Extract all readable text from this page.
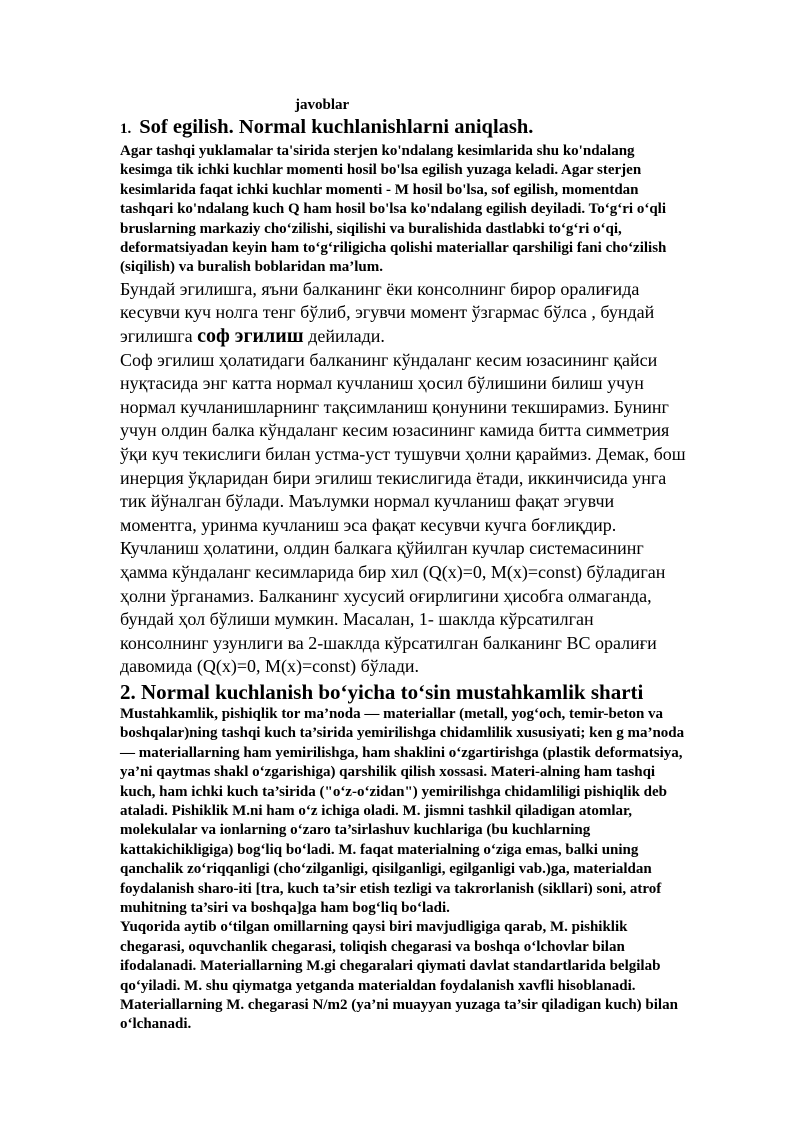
javoblar
1. Sof egilish. Normal kuchlanishlarni aniqlash.

Agar tashqi yuklamalar ta'sirida sterjen ko'ndalang kesimlarida shu ko'ndalang kesimga tik ichki kuchlar momenti hosil bo'lsa egilish yuzaga keladi. Agar sterjen kesimlarida faqat ichki kuchlar momenti - M hosil bo'lsa, sof egilish, momentdan tashqari ko'ndalang kuch Q ham hosil bo'lsa ko'ndalang egilish deyiladi. To‘g‘ri o‘qli bruslarning markaziy cho‘zilishi, siqilishi va buralishida dastlabki to‘g‘ri o‘qi, deformatsiyadan keyin ham to‘g‘riligicha qolishi materiallar qarshiligi fani cho‘zilish (siqilish) va buralish boblaridan ma’lum.

Бундай эгилишга, яъни балканинг ёки консолнинг бирор оралиғида кесувчи куч нолга тенг бўлиб, эгувчи момент ўзгармас бўлса , бундай эгилишга соф эгилиш дейилади.

Соф эгилиш ҳолатидаги балканинг кўндаланг кесим юзасининг қайси нуқтасида энг катта нормал кучланиш ҳосил бўлишини билиш учун нормал кучланишларнинг тақсимланиш қонунини текширамиз. Бунинг учун олдин балка кўндаланг кесим юзасининг камида битта симметрия ўқи куч текислиги билан устма-уст тушувчи ҳолни қараймиз. Демак, бош инерция ўқларидан бири эгилиш текислигида ётади, иккинчисида унга тик йўналган бўлади. Маълумки нормал кучланиш фақат эгувчи моментга, уринма кучланиш эса фақат кесувчи кучга боғлиқдир. Кучланиш ҳолатини, олдин балкага қўйилган кучлар системасининг ҳамма кўндаланг кесимларида бир хил (Q(x)=0, M(x)=const) бўладиган ҳолни ўрганамиз. Балканинг хусусий оғирлигини ҳисобга олмаганда, бундай ҳол бўлиши мумкин. Масалан, 1- шаклда кўрсатилган консолнинг узунлиги ва 2-шаклда кўрсатилган балканинг ВС оралиғи давомида (Q(x)=0, M(x)=const) бўлади.

2. Normal kuchlanish bo‘yicha to‘sin mustahkamlik sharti

Mustahkamlik, pishiqlik tor ma’noda — materiallar (metall, yog‘och, temir-beton va boshqalar)ning tashqi kuch ta’sirida yemirilishga chidamlilik xususiyati; ken g ma’noda — materiallarning ham yemirilishga, ham shaklini o‘zgartirishga (plastik deformatsiya, ya’ni qaytmas shakl o‘zgarishiga) qarshilik qilish xossasi. Materi-alning ham tashqi kuch, ham ichki kuch ta’sirida ("o‘z-o‘zidan") yemirilishga chidamliligi pishiqlik deb ataladi. Pishiklik M.ni ham o‘z ichiga oladi. M. jismni tashkil qiladigan atomlar, molekulalar va ionlarning o‘zaro ta’sirlashuv kuchlariga (bu kuchlarning kattakichikligiga) bog‘liq bo‘ladi. M. faqat materialning o‘ziga emas, balki uning qanchalik zo‘riqqanligi (cho‘zilganligi, qisilganligi, egilganligi vab.)ga, materialdan foydalanish sharo-iti [tra, kuch ta’sir etish tezligi va takrorlanish (sikllari) soni, atrof muhitning ta’siri va boshqa]ga ham bog‘liq bo‘ladi.

Yuqorida aytib o‘tilgan omillarning qaysi biri mavjudligiga qarab, M. pishiklik chegarasi, oquvchanlik chegarasi, toliqish chegarasi va boshqa o‘lchovlar bilan ifodalanadi. Materiallarning M.gi chegaralari qiymati davlat standartlarida belgilab qo‘yiladi. M. shu qiymatga yetganda materialdan foydalanish xavfli hisoblanadi. Materiallarning M. chegarasi N/m2 (ya’ni muayyan yuzaga ta’sir qiladigan kuch) bilan o‘lchanadi.
